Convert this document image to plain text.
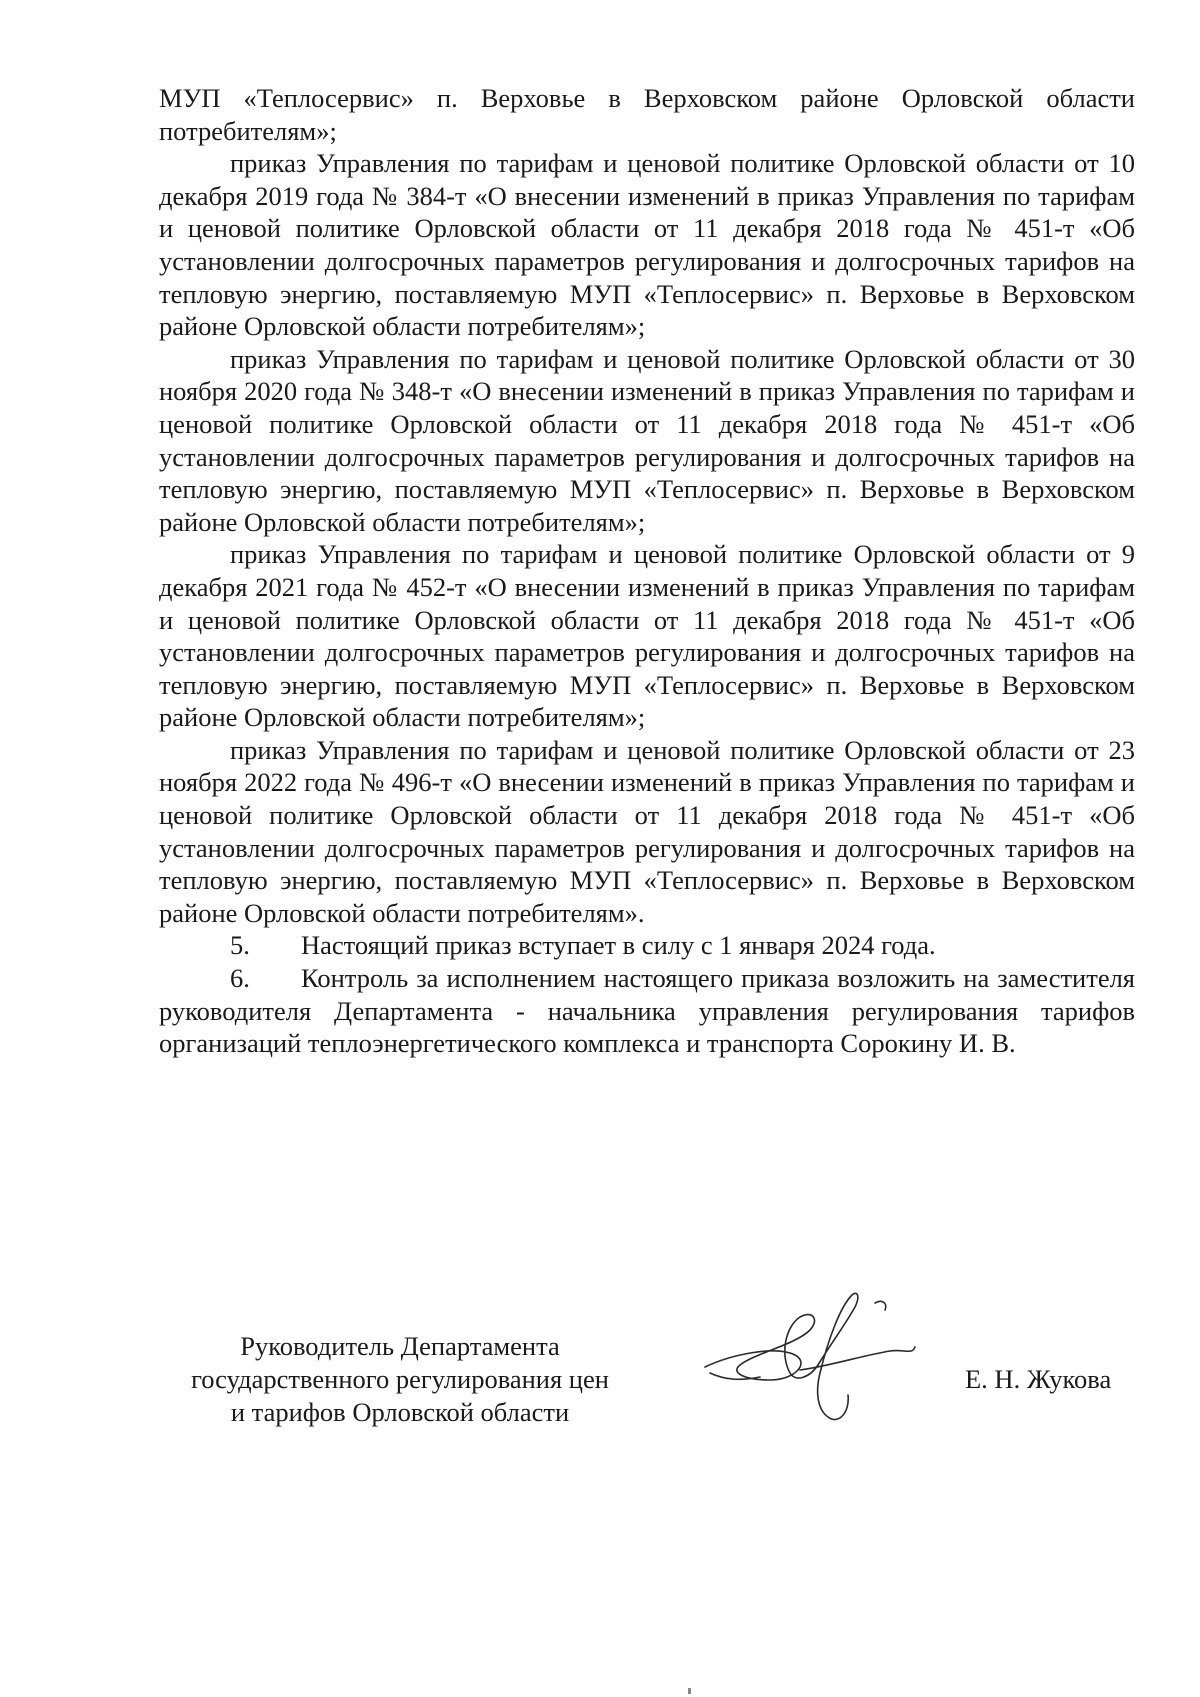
МУП «Теплосервис» п. Верховье в Верховском районе Орловской области потребителям»;

приказ Управления по тарифам и ценовой политике Орловской области от 10 декабря 2019 года № 384-т «О внесении изменений в приказ Управления по тарифам и ценовой политике Орловской области от 11 декабря 2018 года № 451-т «Об установлении долгосрочных параметров регулирования и долгосрочных тарифов на тепловую энергию, поставляемую МУП «Теплосервис» п. Верховье в Верховском районе Орловской области потребителям»;

приказ Управления по тарифам и ценовой политике Орловской области от 30 ноября 2020 года № 348-т «О внесении изменений в приказ Управления по тарифам и ценовой политике Орловской области от 11 декабря 2018 года № 451-т «Об установлении долгосрочных параметров регулирования и долгосрочных тарифов на тепловую энергию, поставляемую МУП «Теплосервис» п. Верховье в Верховском районе Орловской области потребителям»;

приказ Управления по тарифам и ценовой политике Орловской области от 9 декабря 2021 года № 452-т «О внесении изменений в приказ Управления по тарифам и ценовой политике Орловской области от 11 декабря 2018 года № 451-т «Об установлении долгосрочных параметров регулирования и долгосрочных тарифов на тепловую энергию, поставляемую МУП «Теплосервис» п. Верховье в Верховском районе Орловской области потребителям»;

приказ Управления по тарифам и ценовой политике Орловской области от 23 ноября 2022 года № 496-т «О внесении изменений в приказ Управления по тарифам и ценовой политике Орловской области от 11 декабря 2018 года № 451-т «Об установлении долгосрочных параметров регулирования и долгосрочных тарифов на тепловую энергию, поставляемую МУП «Теплосервис» п. Верховье в Верховском районе Орловской области потребителям».

5. Настоящий приказ вступает в силу с 1 января 2024 года.

6. Контроль за исполнением настоящего приказа возложить на заместителя руководителя Департамента - начальника управления регулирования тарифов организаций теплоэнергетического комплекса и транспорта Сорокину И. В.

Руководитель Департамента
государственного регулирования цен
и тарифов Орловской области
Е. Н. Жукова
